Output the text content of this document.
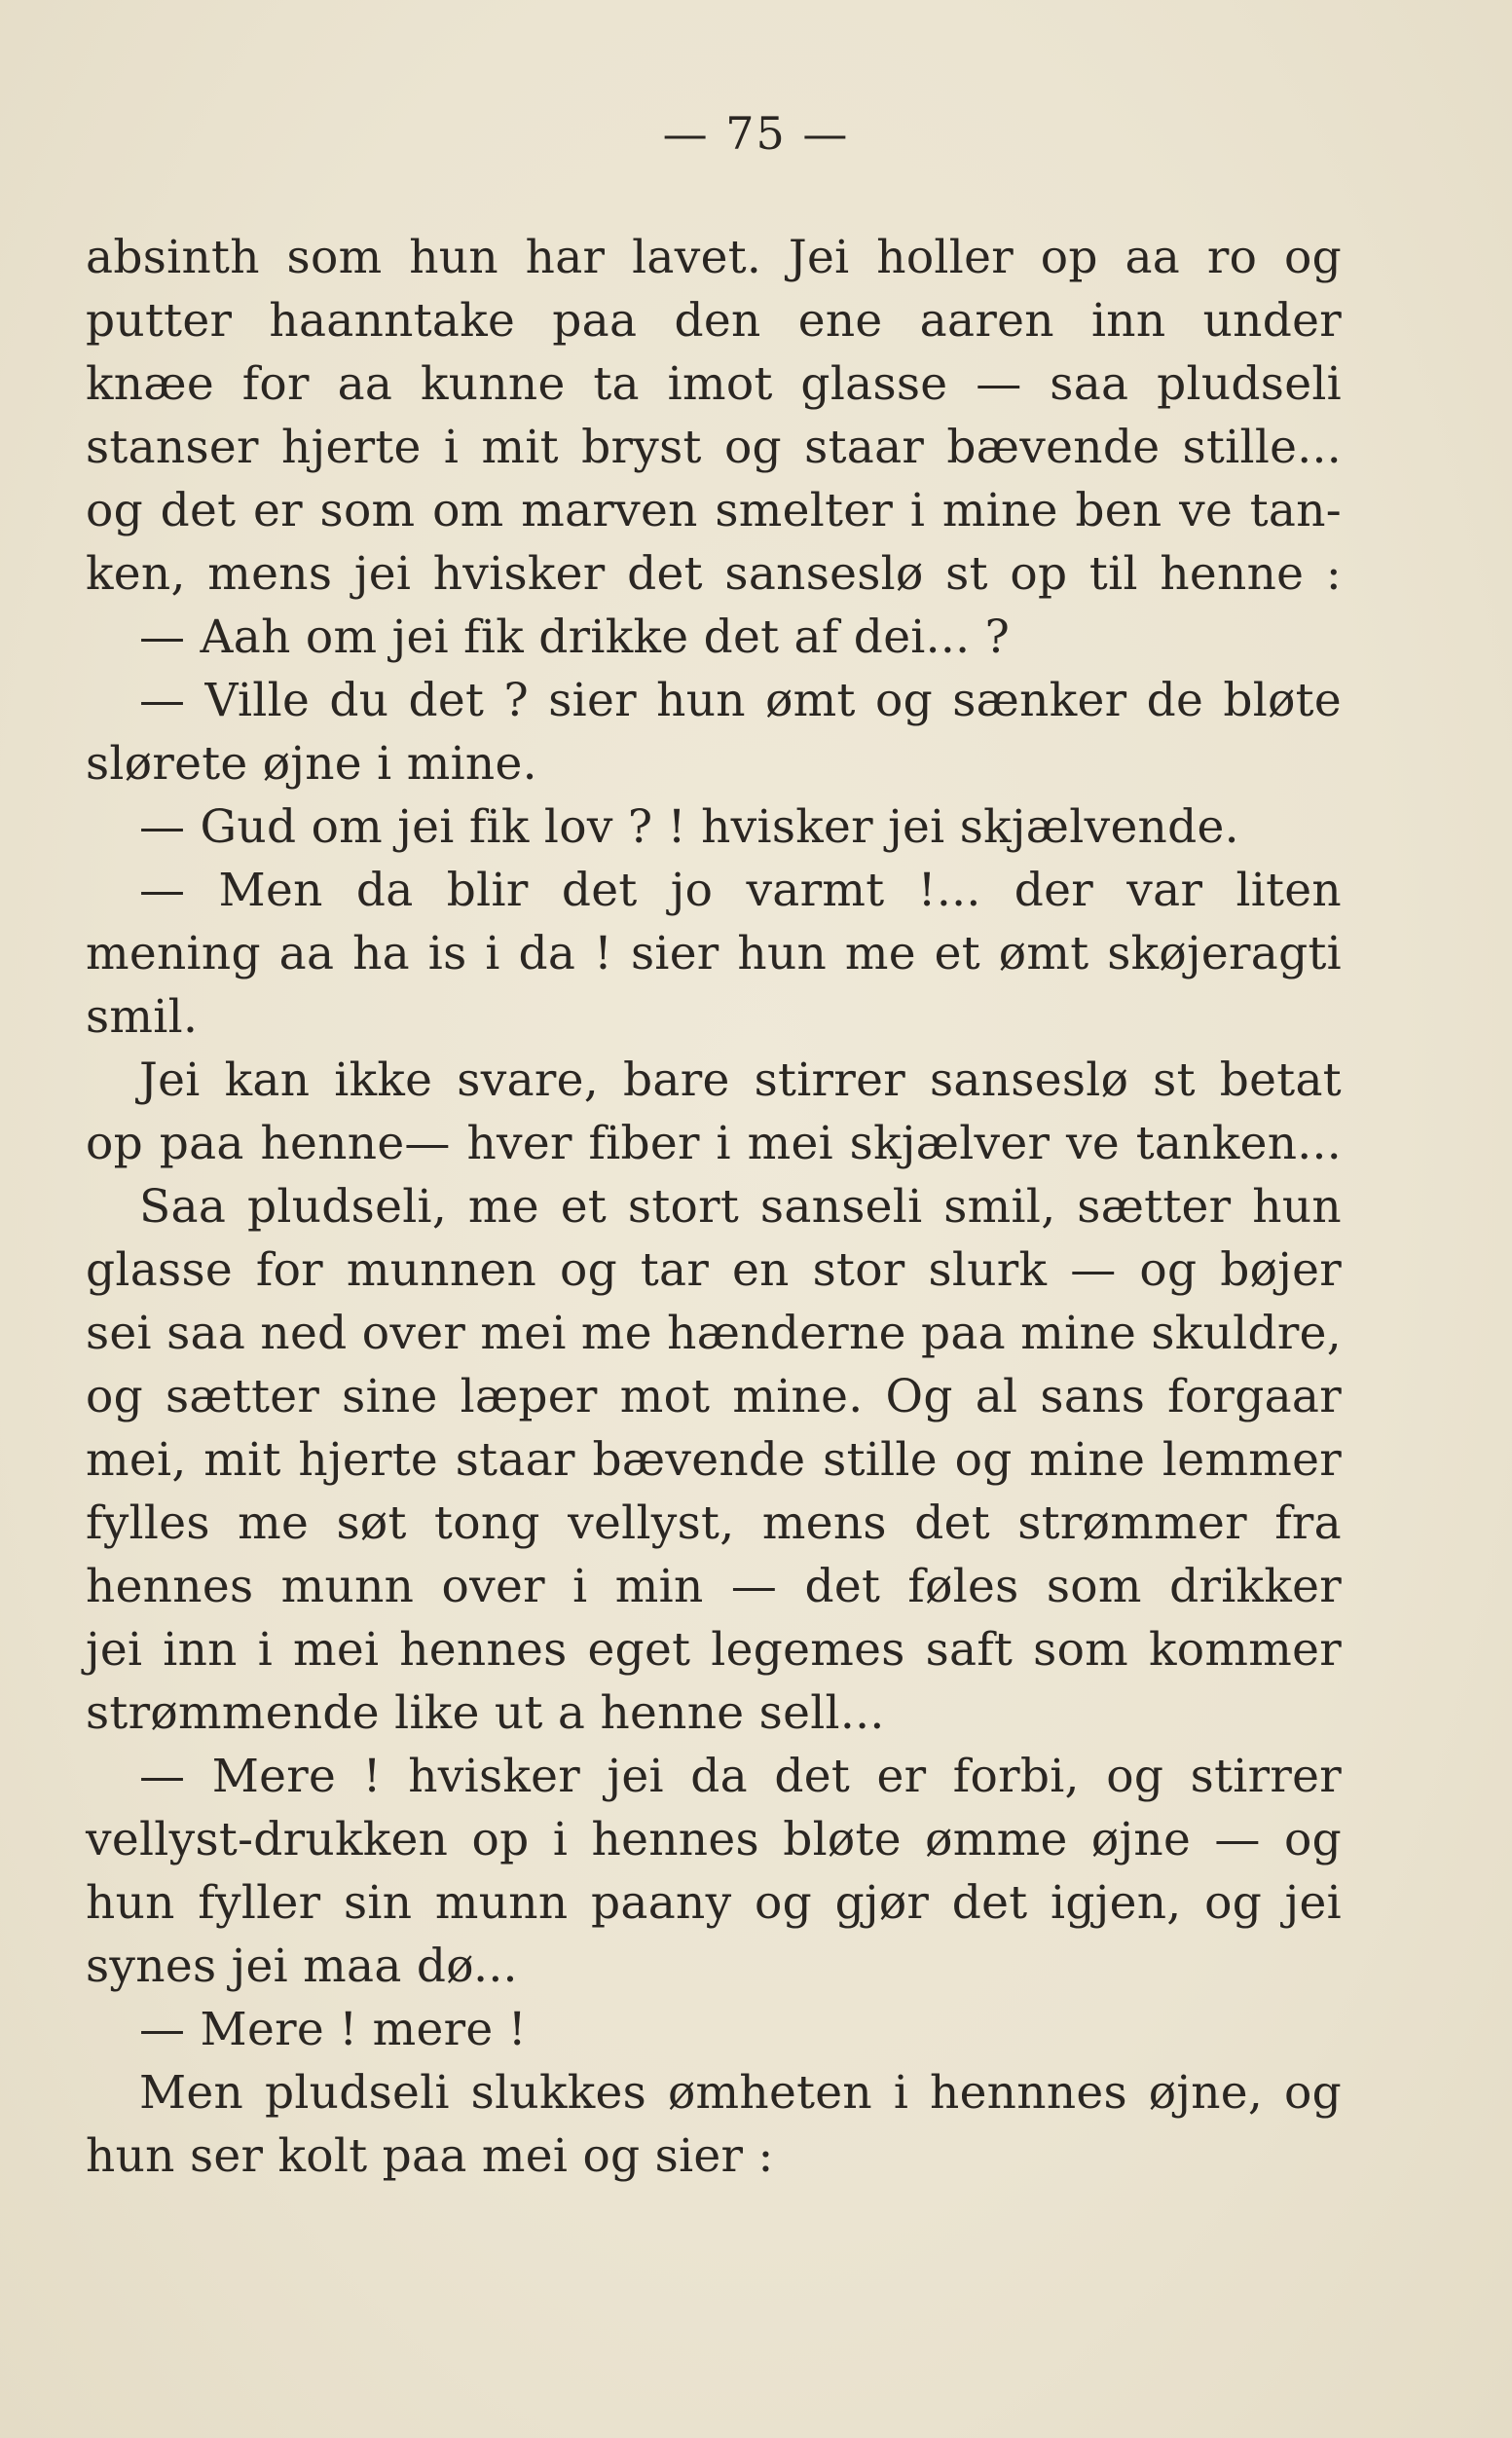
— 75 —
absinth som hun har lavet. Jei holler op aa ro og
putter haanntake paa den ene aaren inn under
knæe for aa kunne ta imot glasse — saa pludseli
stanser hjerte i mit bryst og staar bævende stille...
og det er som om marven smelter i mine ben ve tan-
ken, mens jei hvisker det sanseslø st op til henne :
— Aah om jei fik drikke det af dei... ?
— Ville du det ? sier hun ømt og sænker de bløte
slørete øjne i mine.
— Gud om jei fik lov ? ! hvisker jei skjælvende.
— Men da blir det jo varmt !... der var liten
mening aa ha is i da ! sier hun me et ømt skøjeragti
smil.
Jei kan ikke svare, bare stirrer sanseslø st betat
op paa henne— hver fiber i mei skjælver ve tanken...
Saa pludseli, me et stort sanseli smil, sætter hun
glasse for munnen og tar en stor slurk — og bøjer
sei saa ned over mei me hænderne paa mine skuldre,
og sætter sine læper mot mine. Og al sans forgaar
mei, mit hjerte staar bævende stille og mine lemmer
fylles me søt tong vellyst, mens det strømmer fra
hennes munn over i min — det føles som drikker
jei inn i mei hennes eget legemes saft som kommer
strømmende like ut a henne sell...
— Mere ! hvisker jei da det er forbi, og stirrer
vellyst-drukken op i hennes bløte ømme øjne — og
hun fyller sin munn paany og gjør det igjen, og jei
synes jei maa dø...
— Mere ! mere !
Men pludseli slukkes ømheten i hennnes øjne, og
hun ser kolt paa mei og sier :
